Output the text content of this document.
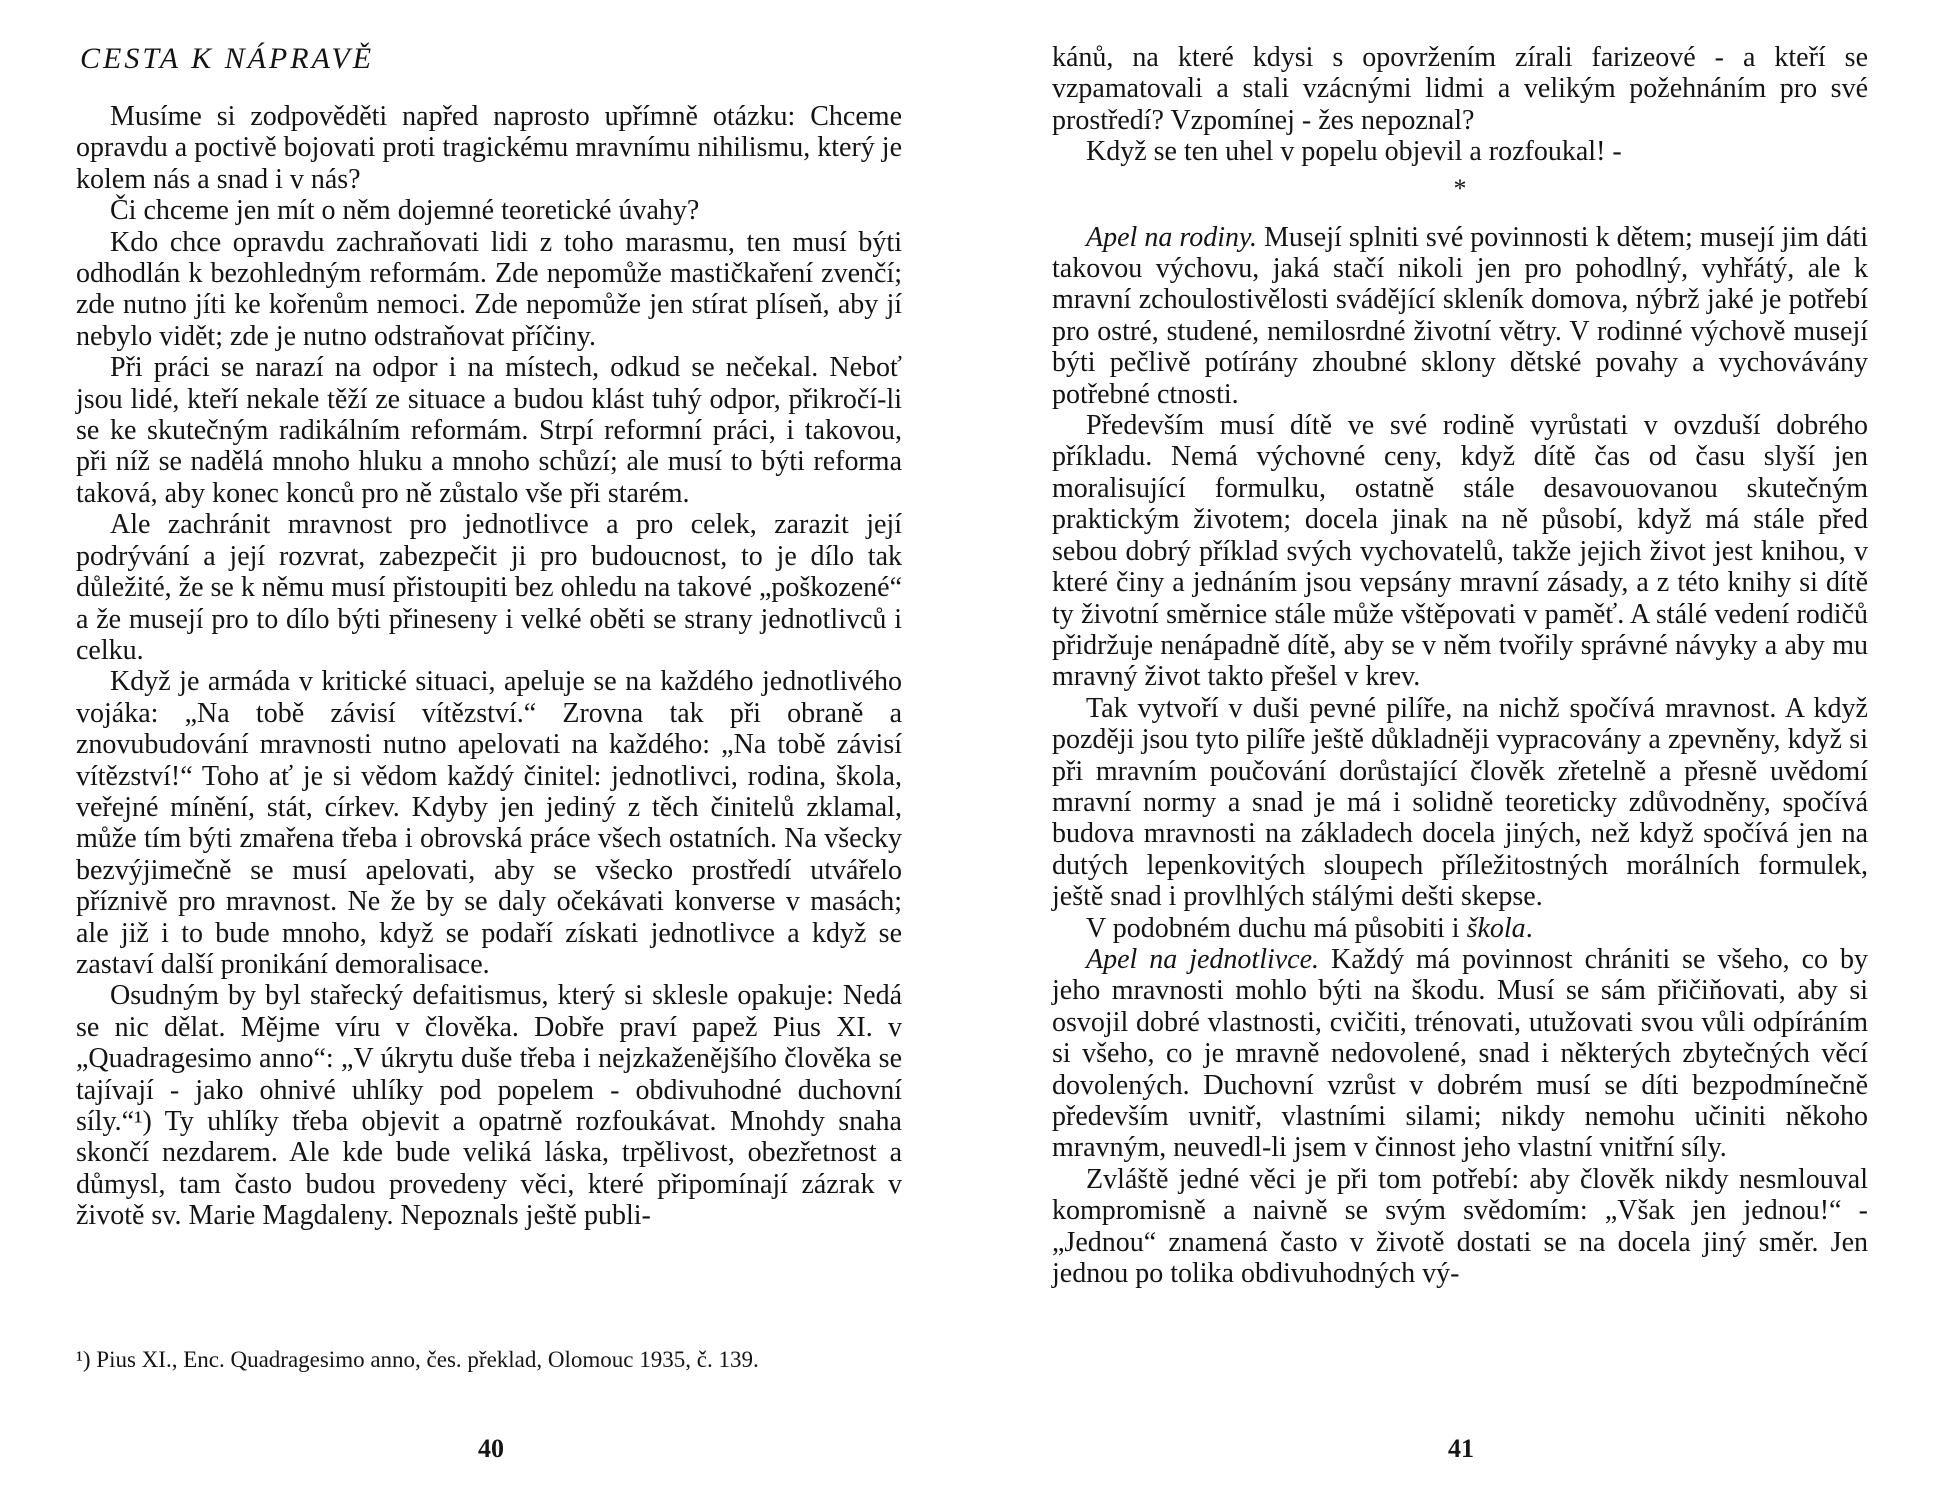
CESTA K NÁPRAVĚ

Musíme si zodpověděti napřed naprosto upřímně otázku: Chceme opravdu a poctivě bojovati proti tragickému mravnímu nihilismu, který je kolem nás a snad i v nás?

Či chceme jen mít o něm dojemné teoretické úvahy?

Kdo chce opravdu zachraňovati lidi z toho marasmu, ten musí býti odhodlán k bezohledným reformám. Zde nepomůže mastičkaření zvenčí; zde nutno jíti ke kořenům nemoci. Zde nepomůže jen stírat plíseň, aby jí nebylo vidět; zde je nutno odstraňovat příčiny.

Při práci se narazí na odpor i na místech, odkud se nečekal. Neboť jsou lidé, kteří nekale těží ze situace a budou klást tuhý odpor, přikročí-li se ke skutečným radikálním reformám. Strpí reformní práci, i takovou, při níž se nadělá mnoho hluku a mnoho schůzí; ale musí to býti reforma taková, aby konec konců pro ně zůstalo vše při starém.

Ale zachránit mravnost pro jednotlivce a pro celek, zarazit její podrývání a její rozvrat, zabezpečit ji pro budoucnost, to je dílo tak důležité, že se k němu musí přistoupiti bez ohledu na takové „poškozené“ a že musejí pro to dílo býti přineseny i velké oběti se strany jednotlivců i celku.

Když je armáda v kritické situaci, apeluje se na každého jednotlivého vojáka: „Na tobě závisí vítězství.“ Zrovna tak při obraně a znovubudování mravnosti nutno apelovati na každého: „Na tobě závisí vítězství!“ Toho ať je si vědom každý činitel: jednotlivci, rodina, škola, veřejné mínění, stát, církev. Kdyby jen jediný z těch činitelů zklamal, může tím býti zmařena třeba i obrovská práce všech ostatních. Na všecky bezvýjimečně se musí apelovati, aby se všecko prostředí utvářelo příznivě pro mravnost. Ne že by se daly očekávati konverse v masách; ale již i to bude mnoho, když se podaří získati jednotlivce a když se zastaví další pronikání demoralisace.

Osudným by byl stařecký defaitismus, který si sklesle opakuje: Nedá se nic dělat. Mějme víru v člověka. Dobře praví papež Pius XI. v „Quadragesimo anno“: „V úkrytu duše třeba i nejzkaženějšího člověka se tajívají - jako ohnivé uhlíky pod popelem - obdivuhodné duchovní síly.“¹) Ty uhlíky třeba objevit a opatrně rozfoukávat. Mnohdy snaha skončí nezdarem. Ale kde bude veliká láska, trpělivost, obezřetnost a důmysl, tam často budou provedeny věci, které připomínají zázrak v životě sv. Marie Magdaleny. Nepoznals ještě publi-

¹) Pius XI., Enc. Quadragesimo anno, čes. překlad, Olomouc 1935, č. 139.

40

kánů, na které kdysi s opovržením zírali farizeové - a kteří se vzpamatovali a stali vzácnými lidmi a velikým požehnáním pro své prostředí? Vzpomínej - žes nepoznal?

Když se ten uhel v popelu objevil a rozfoukal! -

*

Apel na rodiny. Musejí splniti své povinnosti k dětem; musejí jim dáti takovou výchovu, jaká stačí nikoli jen pro pohodlný, vyhřátý, ale k mravní zchoulostivělosti svádějící skleník domova, nýbrž jaké je potřebí pro ostré, studené, nemilosrdné životní větry. V rodinné výchově musejí býti pečlivě potírány zhoubné sklony dětské povahy a vychovávány potřebné ctnosti.

Především musí dítě ve své rodině vyrůstati v ovzduší dobrého příkladu. Nemá výchovné ceny, když dítě čas od času slyší jen moralisující formulku, ostatně stále desavouovanou skutečným praktickým životem; docela jinak na ně působí, když má stále před sebou dobrý příklad svých vychovatelů, takže jejich život jest knihou, v které činy a jednáním jsou vepsány mravní zásady, a z této knihy si dítě ty životní směrnice stále může vštěpovati v paměť. A stálé vedení rodičů přidržuje nenápadně dítě, aby se v něm tvořily správné návyky a aby mu mravný život takto přešel v krev.

Tak vytvoří v duši pevné pilíře, na nichž spočívá mravnost. A když později jsou tyto pilíře ještě důkladněji vypracovány a zpevněny, když si při mravním poučování dorůstající člověk zřetelně a přesně uvědomí mravní normy a snad je má i solidně teoreticky zdůvodněny, spočívá budova mravnosti na základech docela jiných, než když spočívá jen na dutých lepenkovitých sloupech příležitostných morálních formulek, ještě snad i provlhlých stálými dešti skepse.

V podobném duchu má působiti i škola.

Apel na jednotlivce. Každý má povinnost chrániti se všeho, co by jeho mravnosti mohlo býti na škodu. Musí se sám přičiňovati, aby si osvojil dobré vlastnosti, cvičiti, trénovati, utužovati svou vůli odpíráním si všeho, co je mravně nedovolené, snad i některých zbytečných věcí dovolených. Duchovní vzrůst v dobrém musí se díti bezpodmínečně především uvnitř, vlastními silami; nikdy nemohu učiniti někoho mravným, neuvedl-li jsem v činnost jeho vlastní vnitřní síly.

Zvláště jedné věci je při tom potřebí: aby člověk nikdy nesmlouval kompromisně a naivně se svým svědomím: „Však jen jednou!“ - „Jednou“ znamená často v životě dostati se na docela jiný směr. Jen jednou po tolika obdivuhodných vý-

41
